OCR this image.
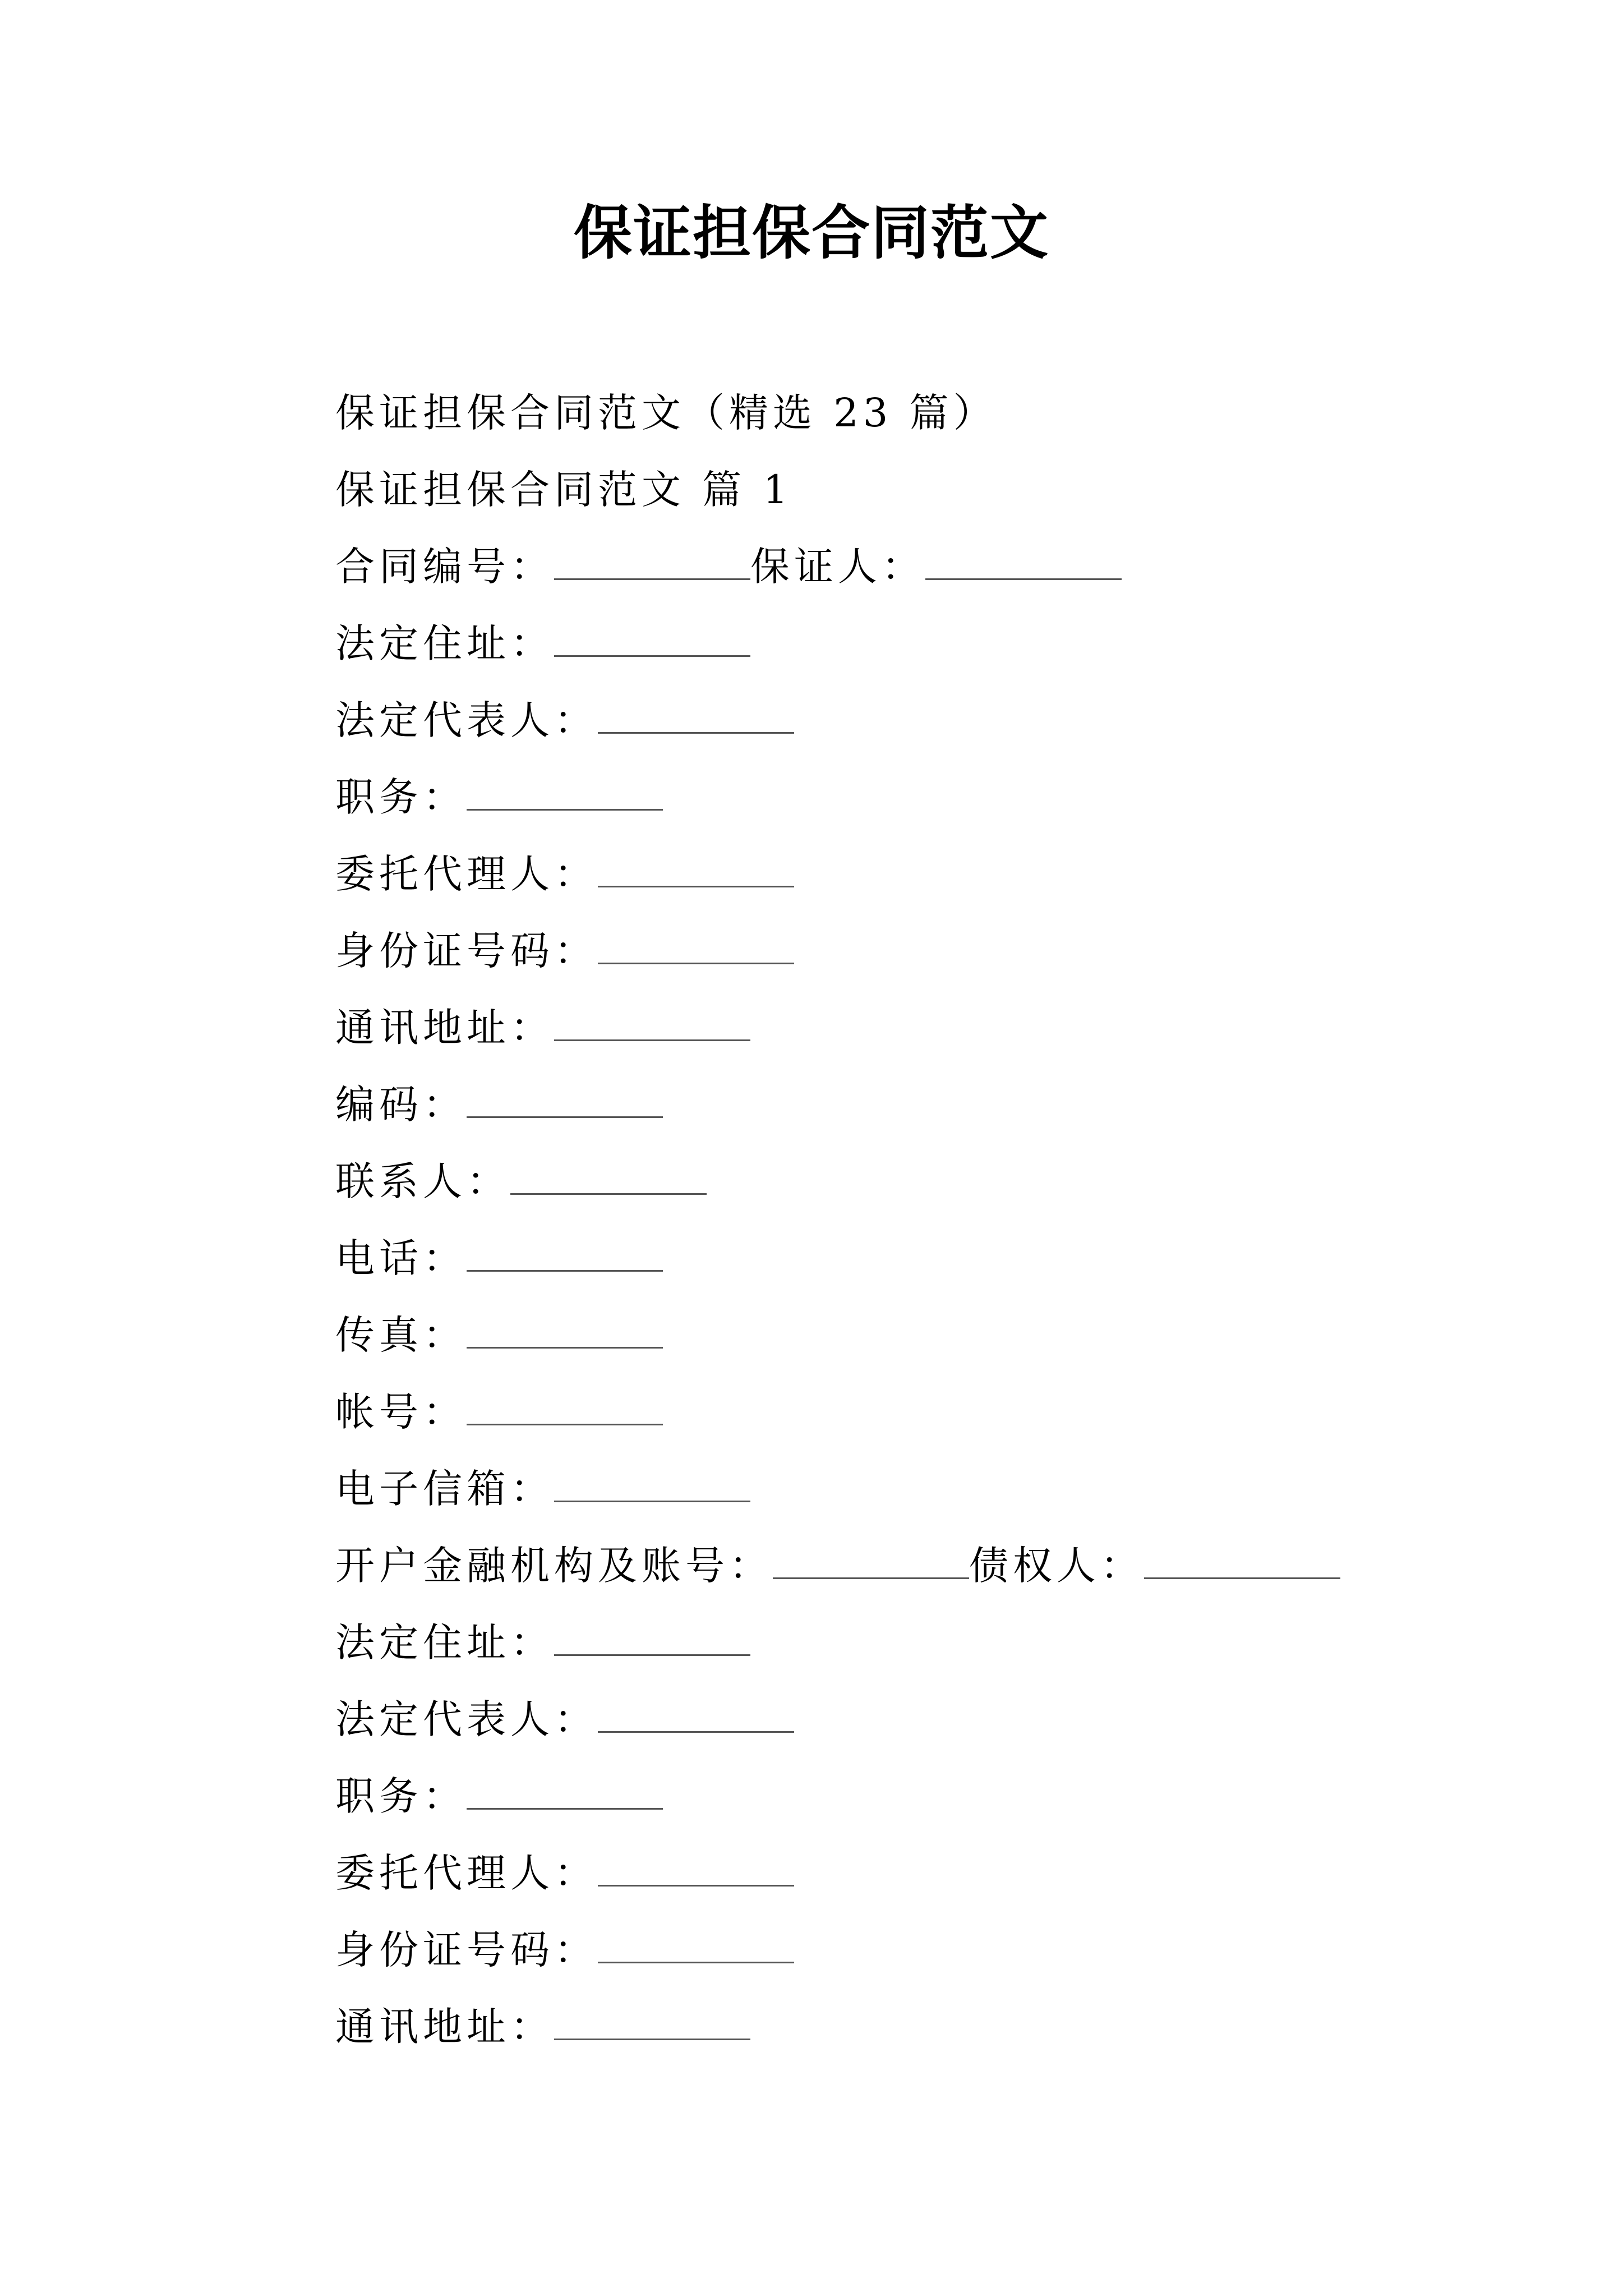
保证担保合同范文
保证担保合同范文（精选 23 篇）
保证担保合同范文 篇 1
合同编号：	保证人：
法定住址：
法定代表人：
职务：
委托代理人：
身份证号码：
通讯地址：
编码：
联系人：
电话：
传真：
帐号：
电子信箱：
开户金融机构及账号：	债权人：
法定住址：
法定代表人：
职务：
委托代理人：
身份证号码：
通讯地址：
